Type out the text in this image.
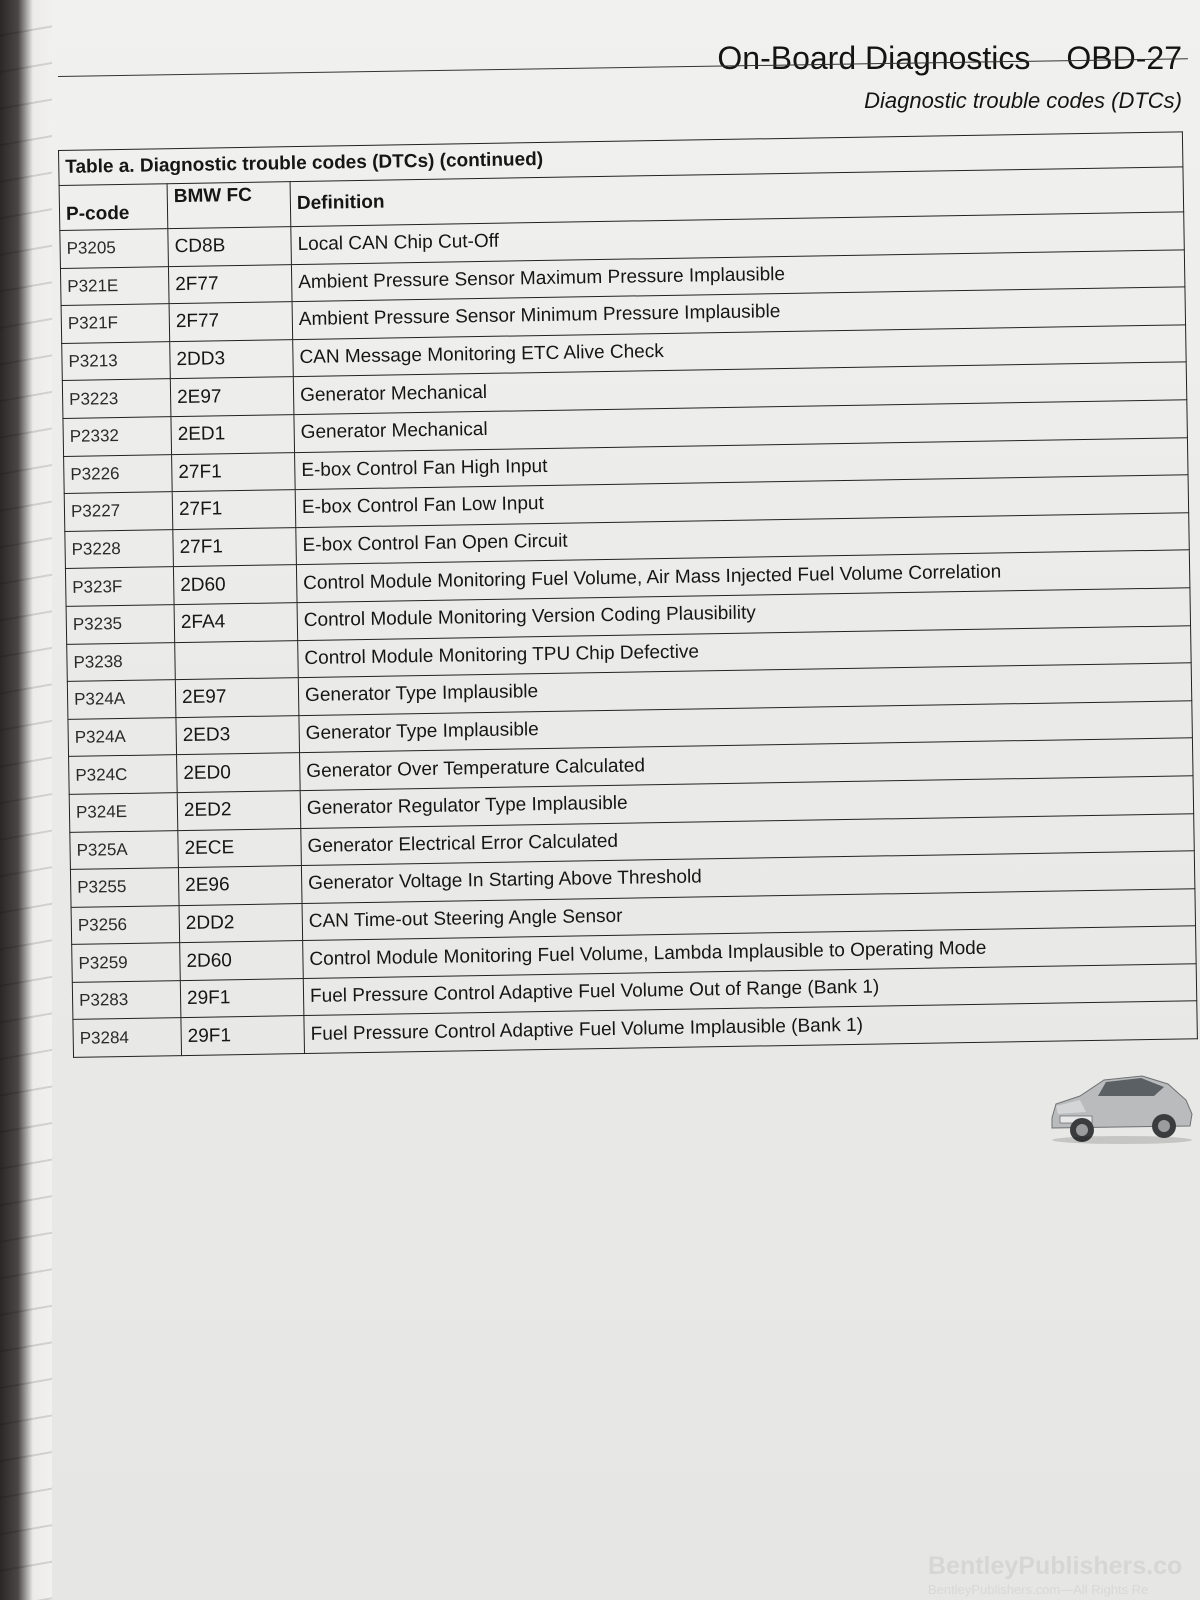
On-Board Diagnostics OBD-27
Diagnostic trouble codes (DTCs)
Table a. Diagnostic trouble codes (DTCs) (continued)		
P-code	BMW FC	Definition
P3205	CD8B	Local CAN Chip Cut-Off
P321E	2F77	Ambient Pressure Sensor Maximum Pressure Implausible
P321F	2F77	Ambient Pressure Sensor Minimum Pressure Implausible
P3213	2DD3	CAN Message Monitoring ETC Alive Check
P3223	2E97	Generator Mechanical
P2332	2ED1	Generator Mechanical
P3226	27F1	E-box Control Fan High Input
P3227	27F1	E-box Control Fan Low Input
P3228	27F1	E-box Control Fan Open Circuit
P323F	2D60	Control Module Monitoring Fuel Volume, Air Mass Injected Fuel Volume Correlation
P3235	2FA4	Control Module Monitoring Version Coding Plausibility
P3238		Control Module Monitoring TPU Chip Defective
P324A	2E97	Generator Type Implausible
P324A	2ED3	Generator Type Implausible
P324C	2ED0	Generator Over Temperature Calculated
P324E	2ED2	Generator Regulator Type Implausible
P325A	2ECE	Generator Electrical Error Calculated
P3255	2E96	Generator Voltage In Starting Above Threshold
P3256	2DD2	CAN Time-out Steering Angle Sensor
P3259	2D60	Control Module Monitoring Fuel Volume, Lambda Implausible to Operating Mode
P3283	29F1	Fuel Pressure Control Adaptive Fuel Volume Out of Range (Bank 1)
P3284	29F1	Fuel Pressure Control Adaptive Fuel Volume Implausible (Bank 1)
BentleyPublishers.co
BentleyPublishers.com—All Rights Re
